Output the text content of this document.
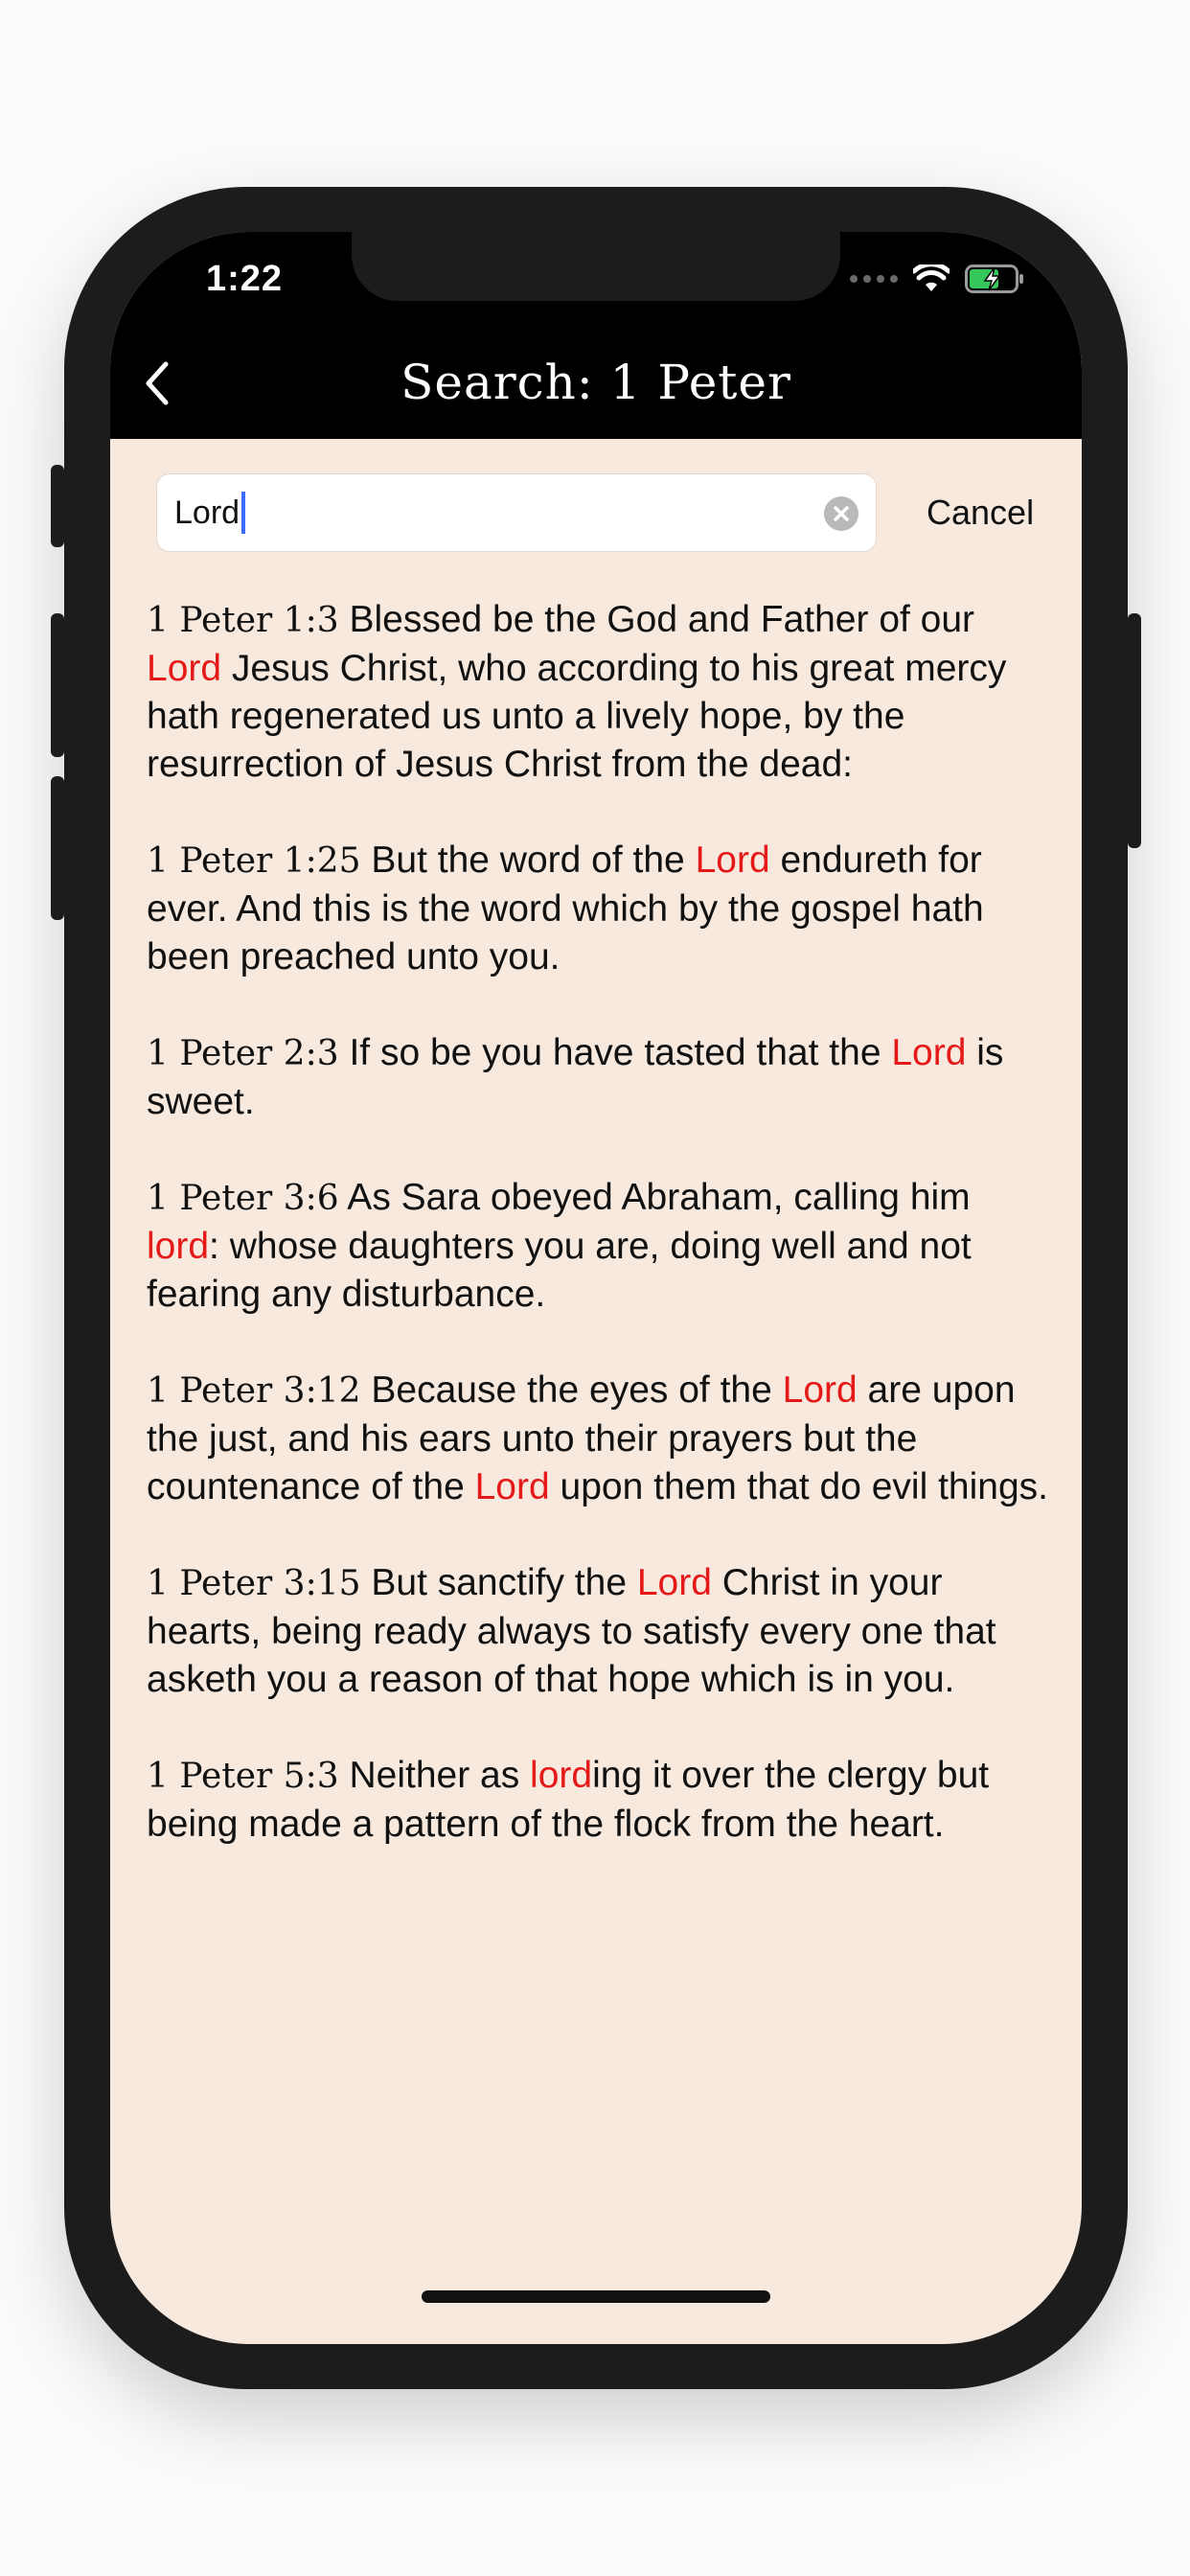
1:22
Search: 1 Peter
Lord
Cancel
1 Peter 1:3 Blessed be the God and Father of our Lord Jesus Christ, who according to his great mercy hath regenerated us unto a lively hope, by the resurrection of Jesus Christ from the dead:
1 Peter 1:25 But the word of the Lord endureth for ever. And this is the word which by the gospel hath been preached unto you.
1 Peter 2:3 If so be you have tasted that the Lord is sweet.
1 Peter 3:6 As Sara obeyed Abraham, calling him lord: whose daughters you are, doing well and not fearing any disturbance.
1 Peter 3:12 Because the eyes of the Lord are upon the just, and his ears unto their prayers but the countenance of the Lord upon them that do evil things.
1 Peter 3:15 But sanctify the Lord Christ in your hearts, being ready always to satisfy every one that asketh you a reason of that hope which is in you.
1 Peter 5:3 Neither as lording it over the clergy but being made a pattern of the flock from the heart.
